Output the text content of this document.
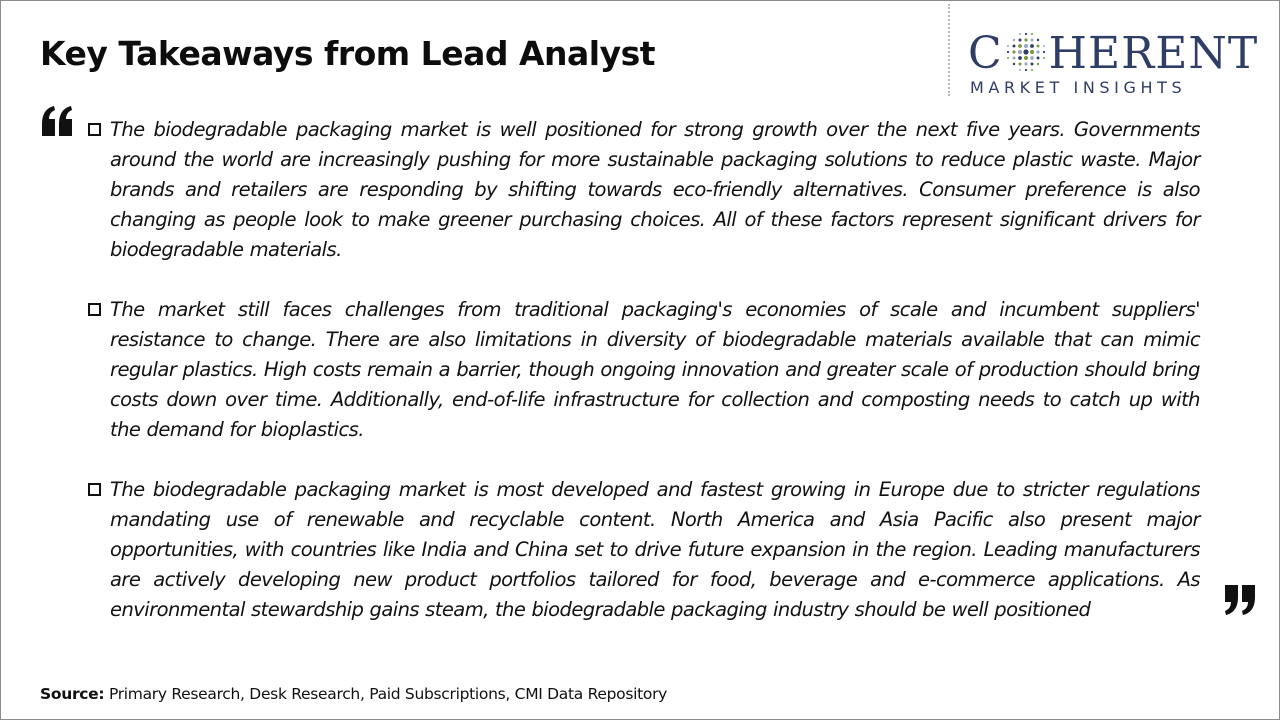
Key Takeaways from Lead Analyst	C HERENT
MARKET INSIGHTS
The biodegradable packaging market is well positioned for strong growth over the next five years. Governments around the world are increasingly pushing for more sustainable packaging solutions to reduce plastic waste. Major brands and retailers are responding by shifting towards eco-friendly alternatives. Consumer preference is also changing as people look to make greener purchasing choices. All of these factors represent significant drivers for biodegradable materials.
The market still faces challenges from traditional packaging's economies of scale and incumbent suppliers' resistance to change. There are also limitations in diversity of biodegradable materials available that can mimic regular plastics. High costs remain a barrier, though ongoing innovation and greater scale of production should bring costs down over time. Additionally, end-of-life infrastructure for collection and composting needs to catch up with the demand for bioplastics.
The biodegradable packaging market is most developed and fastest growing in Europe due to stricter regulations mandating use of renewable and recyclable content. North America and Asia Pacific also present major opportunities, with countries like India and China set to drive future expansion in the region. Leading manufacturers are actively developing new product portfolios tailored for food, beverage and e-commerce applications. As environmental stewardship gains steam, the biodegradable packaging industry should be well positioned
Source: Primary Research, Desk Research, Paid Subscriptions, CMI Data Repository
